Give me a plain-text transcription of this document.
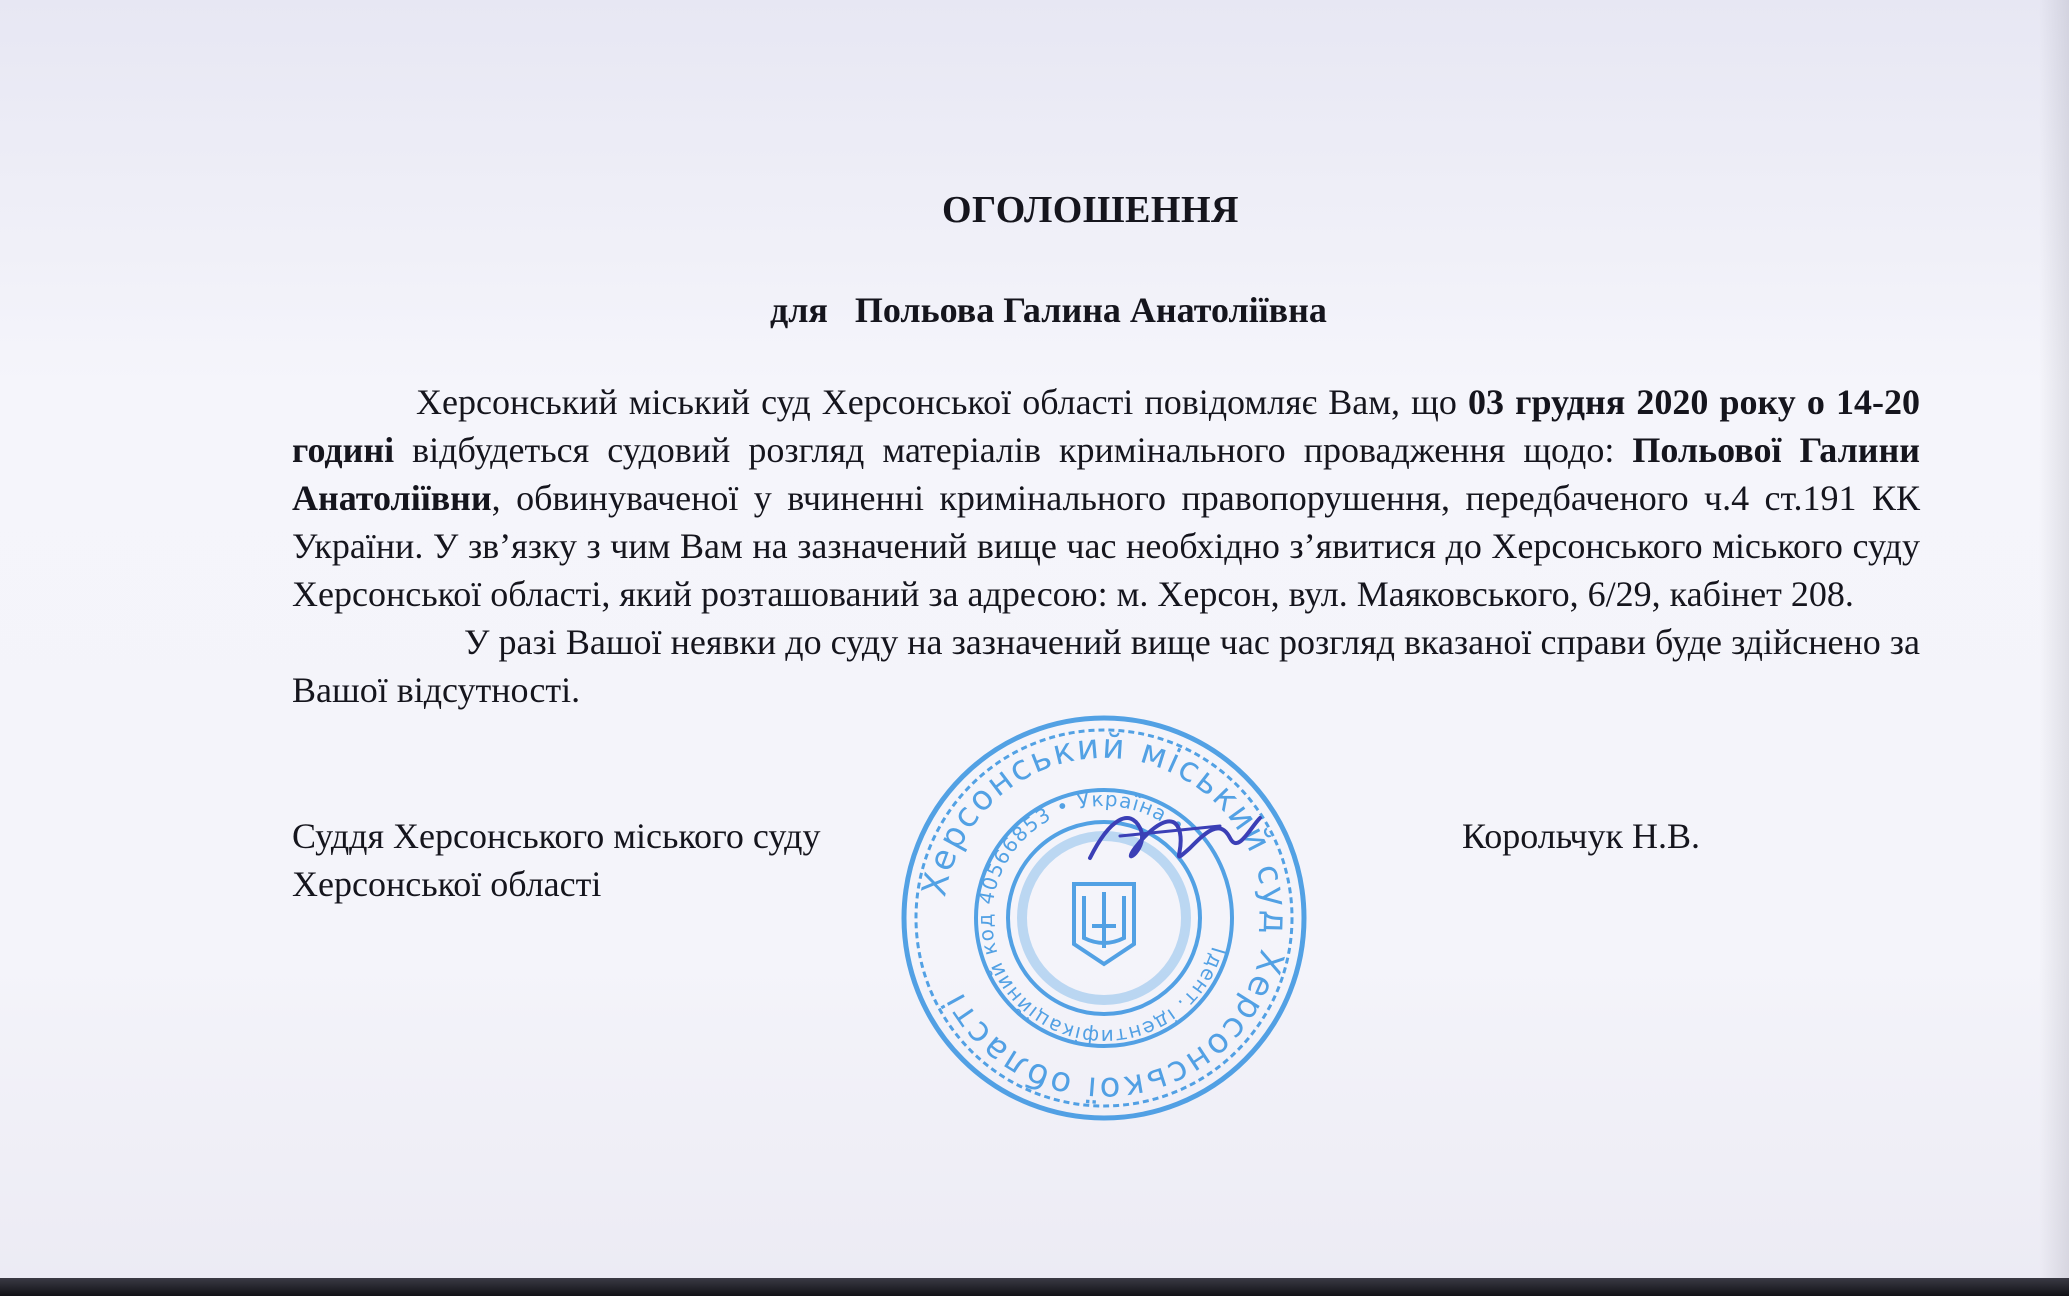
ОГОЛОШЕННЯ
для   Польова Галина Анатоліївна

Херсонський міський суд Херсонської області повідомляє Вам, що 03 грудня 2020 року о 14-20 годині відбудеться судовий розгляд матеріалів кримінального провадження щодо: Польової Галини Анатоліївни, обвинуваченої у вчиненні кримінального правопорушення, передбаченого ч.4 ст.191 КК України. У зв’язку з чим Вам на зазначений вище час необхідно з’явитися до Херсонського міського суду Херсонської області, який розташований за адресою: м. Херсон, вул. Маяковського, 6/29, кабінет 208.

У разі Вашої неявки до суду на зазначений вище час розгляд вказаної справи буде здійснено за Вашої відсутності.

Суддя Херсонського міського суду
Херсонської області
Корольчук Н.В.
Херсонський міський суд Херсонської області
Ідент. ідентифікаційний код 40566853 • Україна •
